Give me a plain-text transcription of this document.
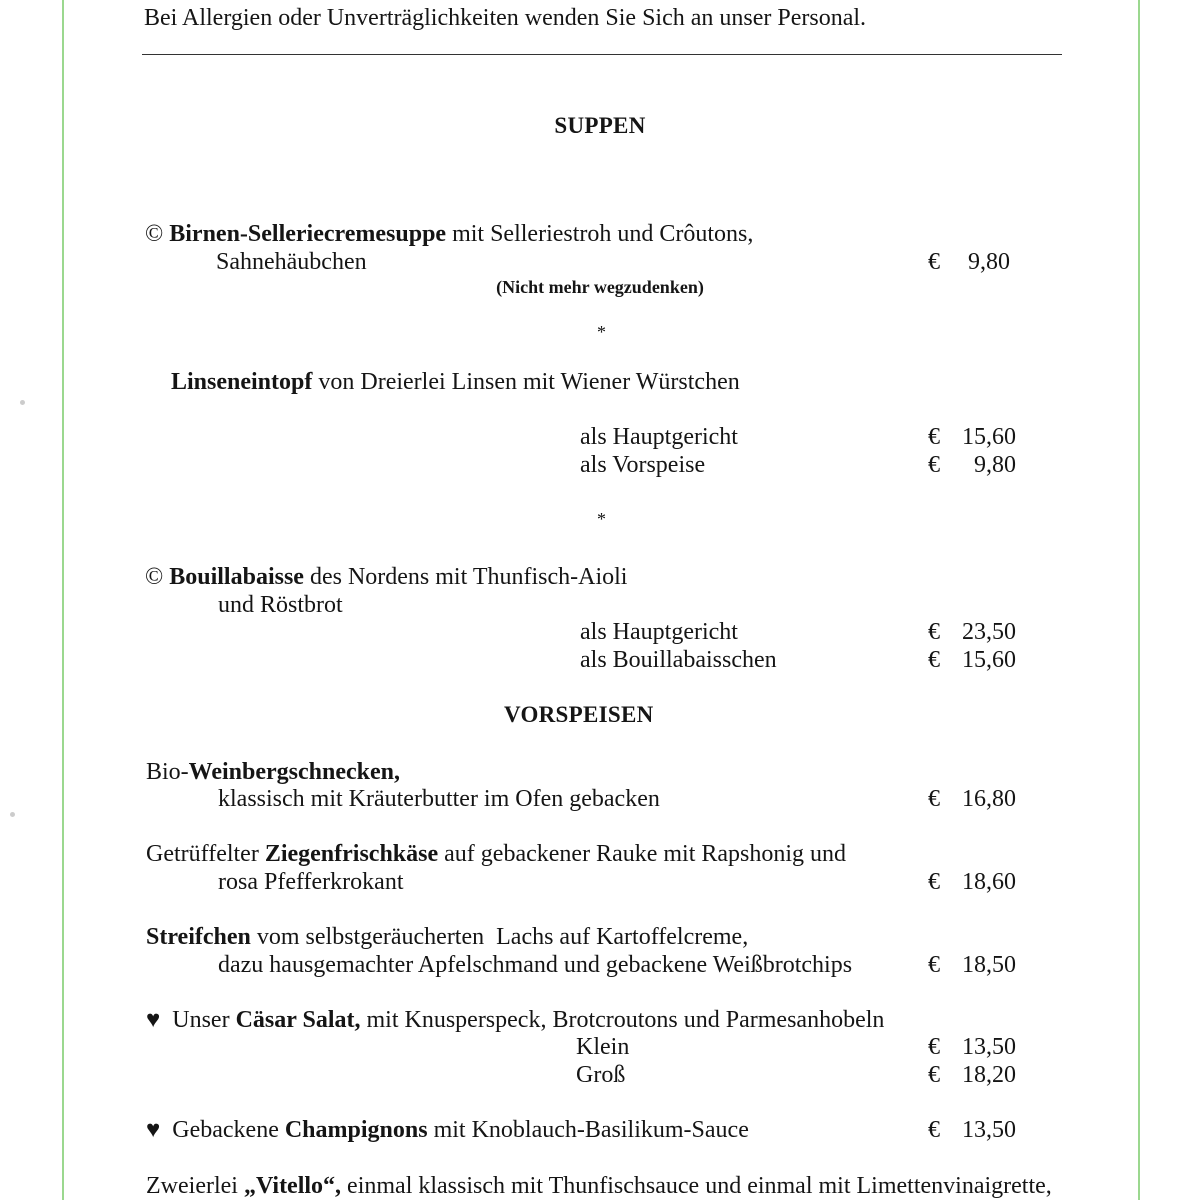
Bei Allergien oder Unverträglichkeiten wenden Sie Sich an unser Personal.
SUPPEN
© Birnen-Selleriecremesuppe mit Selleriestroh und Crôutons,
Sahnehäubchen	€	9,80
(Nicht mehr wegzudenken)
*
Linseneintopf von Dreierlei Linsen mit Wiener Würstchen
als Hauptgericht	€ 15,60
als Vorspeise	€	9,80
*
© Bouillabaisse des Nordens mit Thunfisch-Aioli
und Röstbrot
als Hauptgericht	€ 23,50
als Bouillabaisschen	€ 15,60
VORSPEISEN
Bio-Weinbergschnecken,
klassisch mit Kräuterbutter im Ofen gebacken	€ 16,80
Getrüffelter Ziegenfrischkäse auf gebackener Rauke mit Rapshonig und
rosa Pfefferkrokant	€ 18,60
Streifchen vom selbstgeräucherten  Lachs auf Kartoffelcreme,
dazu hausgemachter Apfelschmand und gebackene Weißbrotchips	€ 18,50
♥ Unser Cäsar Salat, mit Knusperspeck, Brotcroutons und Parmesanhobeln
Klein	€ 13,50
Groß	€ 18,20
♥ Gebackene Champignons mit Knoblauch-Basilikum-Sauce	€ 13,50
Zweierlei „Vitello“, einmal klassisch mit Thunfischsauce und einmal mit Limettenvinaigrette,
